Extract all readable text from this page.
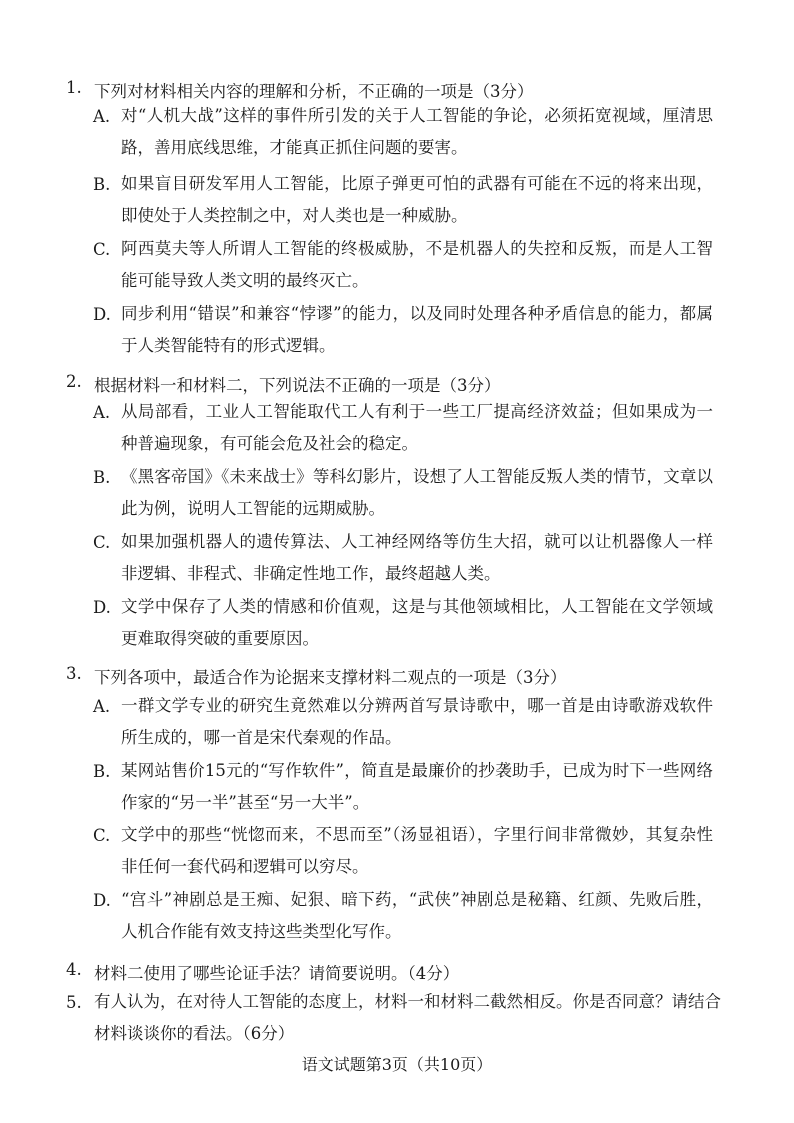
1. 下列对材料相关内容的理解和分析，不正确的一项是（3分）
A. 对“人机大战”这样的事件所引发的关于人工智能的争论，必须拓宽视域，厘清思路，善用底线思维，才能真正抓住问题的要害。
B. 如果盲目研发军用人工智能，比原子弹更可怕的武器有可能在不远的将来出现，即使处于人类控制之中，对人类也是一种威胁。
C. 阿西莫夫等人所谓人工智能的终极威胁，不是机器人的失控和反叛，而是人工智能可能导致人类文明的最终灭亡。
D. 同步利用“错误”和兼容“悖谬”的能力，以及同时处理各种矛盾信息的能力，都属于人类智能特有的形式逻辑。
2. 根据材料一和材料二，下列说法不正确的一项是（3分）
A. 从局部看，工业人工智能取代工人有利于一些工厂提高经济效益；但如果成为一种普遍现象，有可能会危及社会的稳定。
B. 《黑客帝国》《未来战士》等科幻影片，设想了人工智能反叛人类的情节，文章以此为例，说明人工智能的远期威胁。
C. 如果加强机器人的遗传算法、人工神经网络等仿生大招，就可以让机器像人一样非逻辑、非程式、非确定性地工作，最终超越人类。
D. 文学中保存了人类的情感和价值观，这是与其他领域相比，人工智能在文学领域更难取得突破的重要原因。
3. 下列各项中，最适合作为论据来支撑材料二观点的一项是（3分）
A. 一群文学专业的研究生竟然难以分辨两首写景诗歌中，哪一首是由诗歌游戏软件所生成的，哪一首是宋代秦观的作品。
B. 某网站售价15元的“写作软件”，简直是最廉价的抄袭助手，已成为时下一些网络作家的“另一半”甚至“另一大半”。
C. 文学中的那些“恍惚而来，不思而至”（汤显祖语），字里行间非常微妙，其复杂性非任何一套代码和逻辑可以穷尽。
D. “宫斗”神剧总是王痴、妃狠、暗下药，“武侠”神剧总是秘籍、红颜、先败后胜，人机合作能有效支持这些类型化写作。
4. 材料二使用了哪些论证手法？请简要说明。（4分）
5. 有人认为，在对待人工智能的态度上，材料一和材料二截然相反。你是否同意？请结合材料谈谈你的看法。（6分）
语文试题第3页（共10页）
